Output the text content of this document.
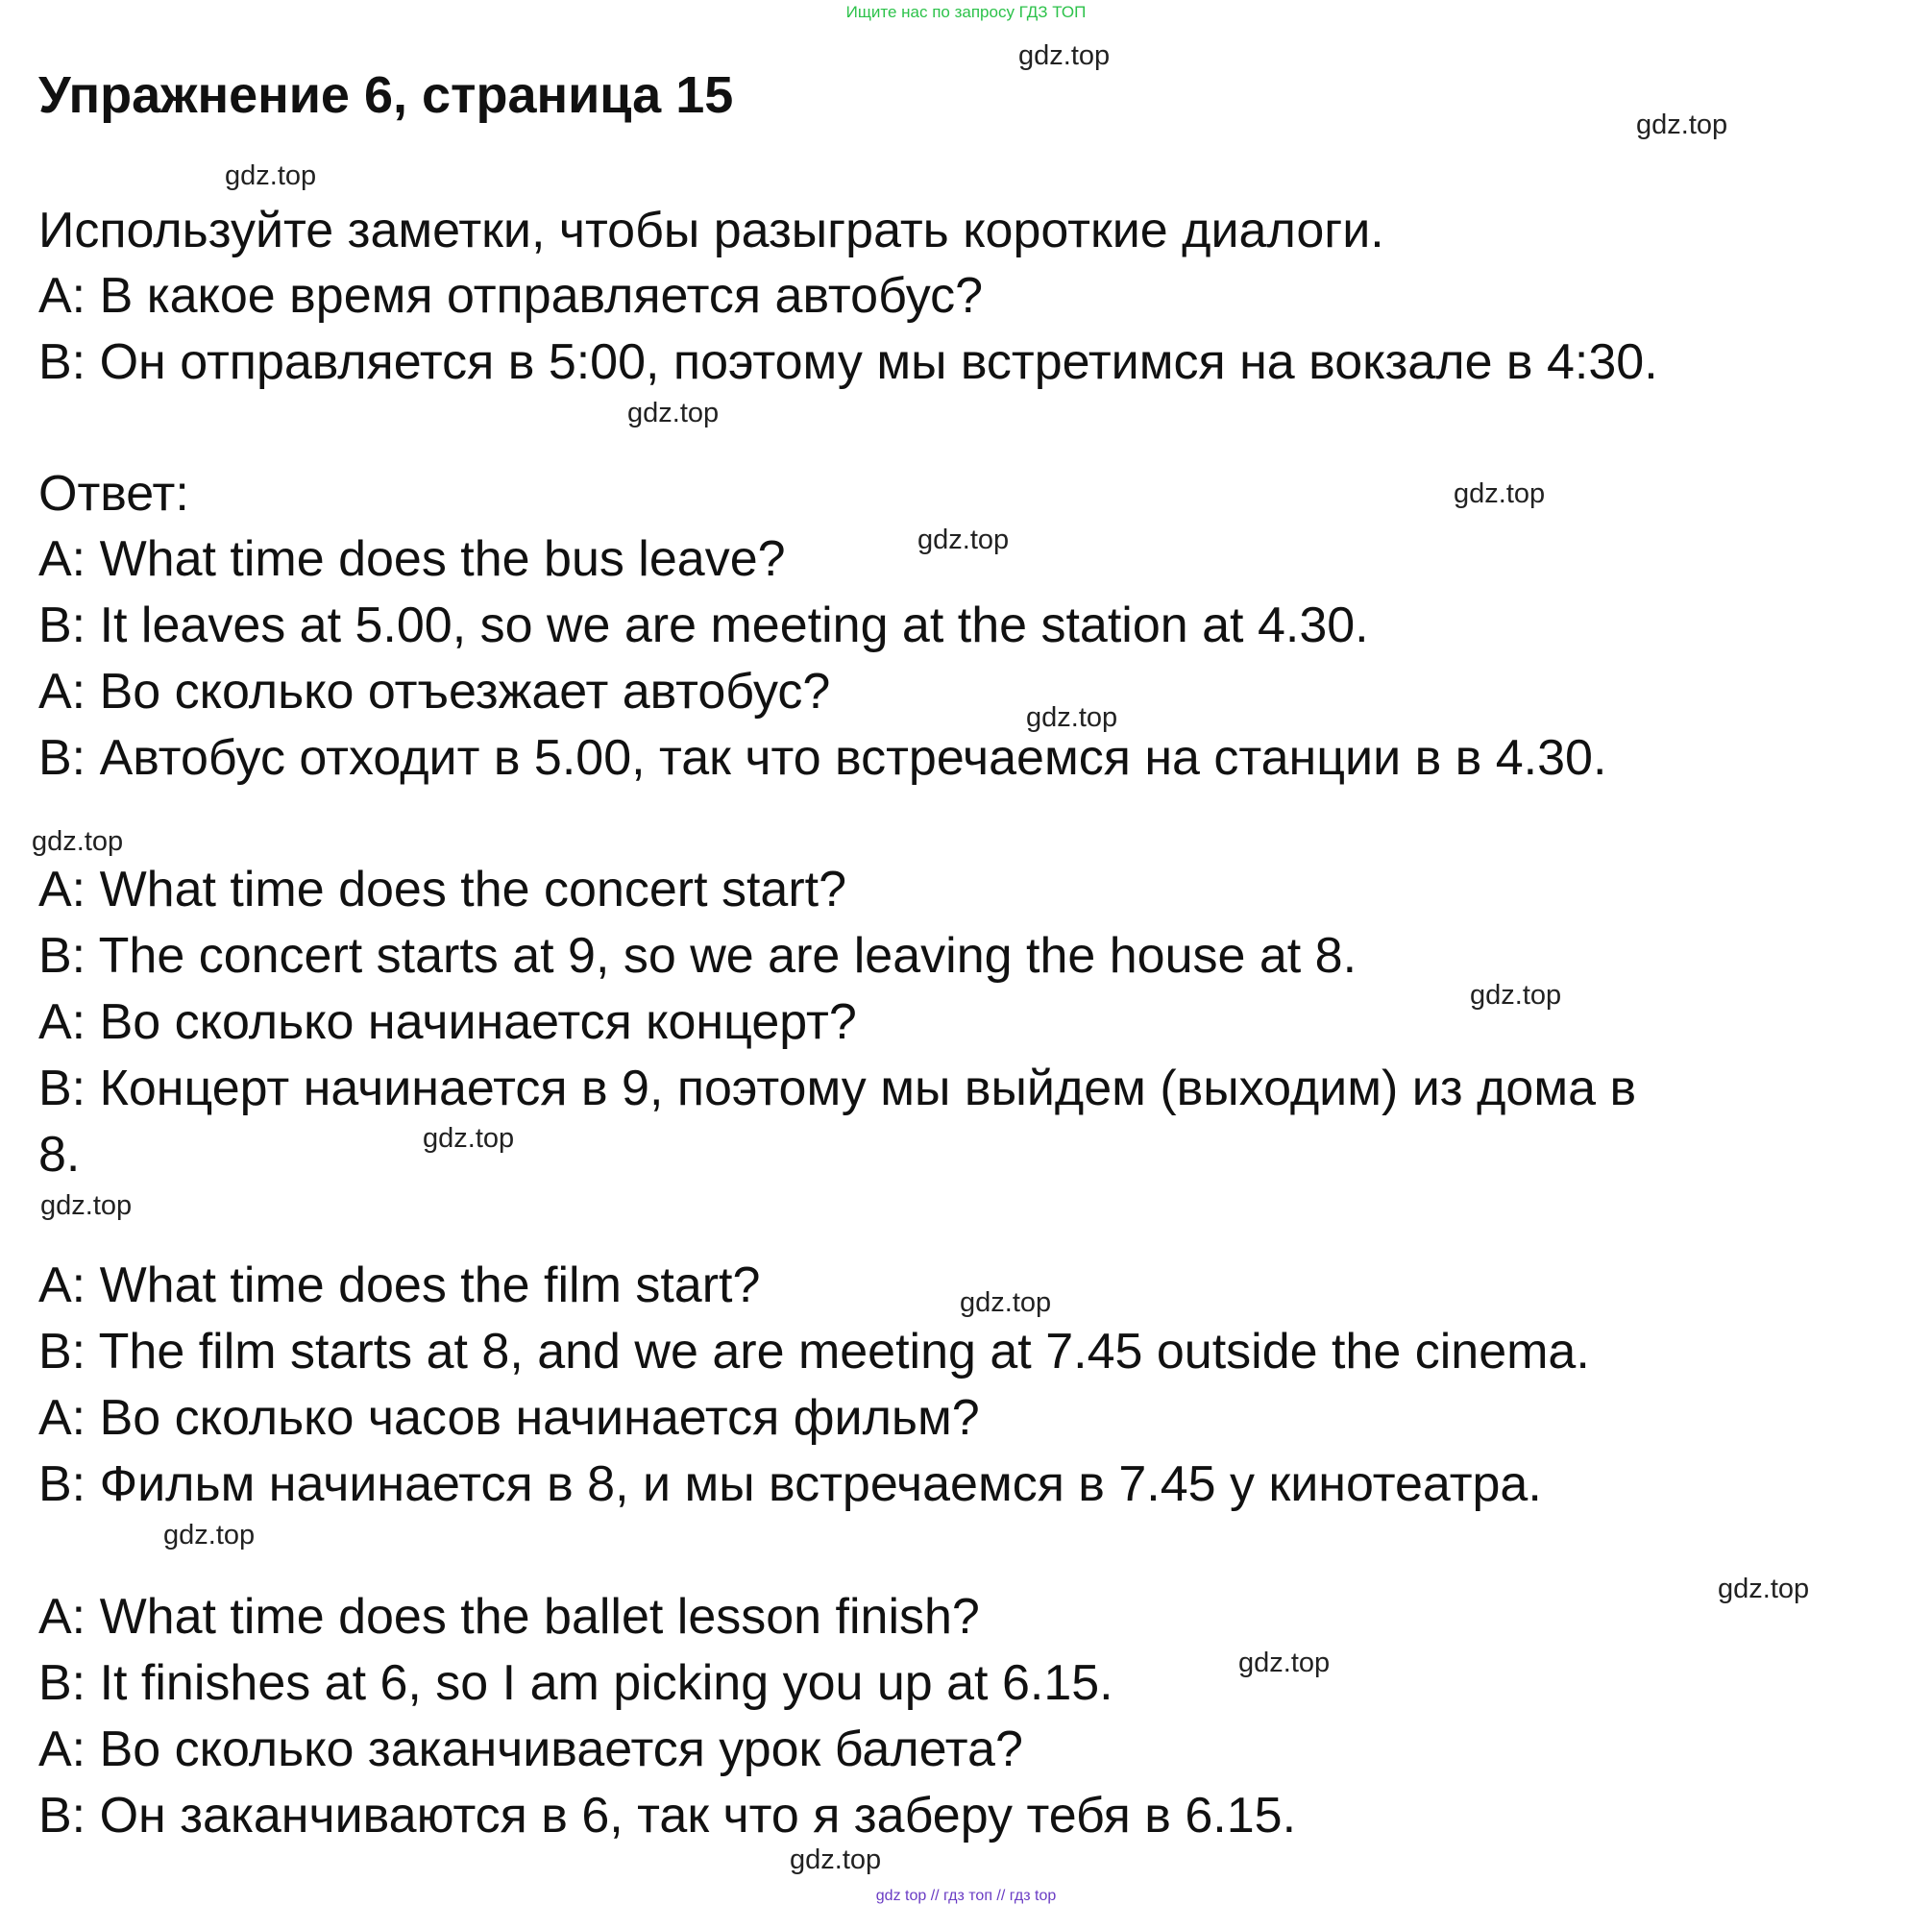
Ищите нас по запросу ГДЗ ТОП
Упражнение 6, страница 15

Используйте заметки, чтобы разыграть короткие диалоги.

A: В какое время отправляется автобус?

B: Он отправляется в 5:00, поэтому мы встретимся на вокзале в 4:30.

Ответ:

A: What time does the bus leave?

B: It leaves at 5.00, so we are meeting at the station at 4.30.

A: Во сколько отъезжает автобус?

B: Автобус отходит в 5.00, так что встречаемся на станции в в 4.30.

A: What time does the concert start?

B: The concert starts at 9, so we are leaving the house at 8.

A: Во сколько начинается концерт?

B: Концерт начинается в 9, поэтому мы выйдем (выходим) из дома в

8.

A: What time does the film start?

B: The film starts at 8, and we are meeting at 7.45 outside the cinema.

A: Во сколько часов начинается фильм?

B: Фильм начинается в 8, и мы встречаемся в 7.45 у кинотеатра.

A: What time does the ballet lesson finish?

B: It finishes at 6, so I am picking you up at 6.15.

A: Во сколько заканчивается урок балета?

B: Он заканчиваются в 6, так что я заберу тебя в 6.15.

gdz.top
gdz.top
gdz.top
gdz.top
gdz.top
gdz.top
gdz.top
gdz.top
gdz.top
gdz.top
gdz.top
gdz.top
gdz.top
gdz.top
gdz.top
gdz.top
gdz top // гдз топ // гдз top
